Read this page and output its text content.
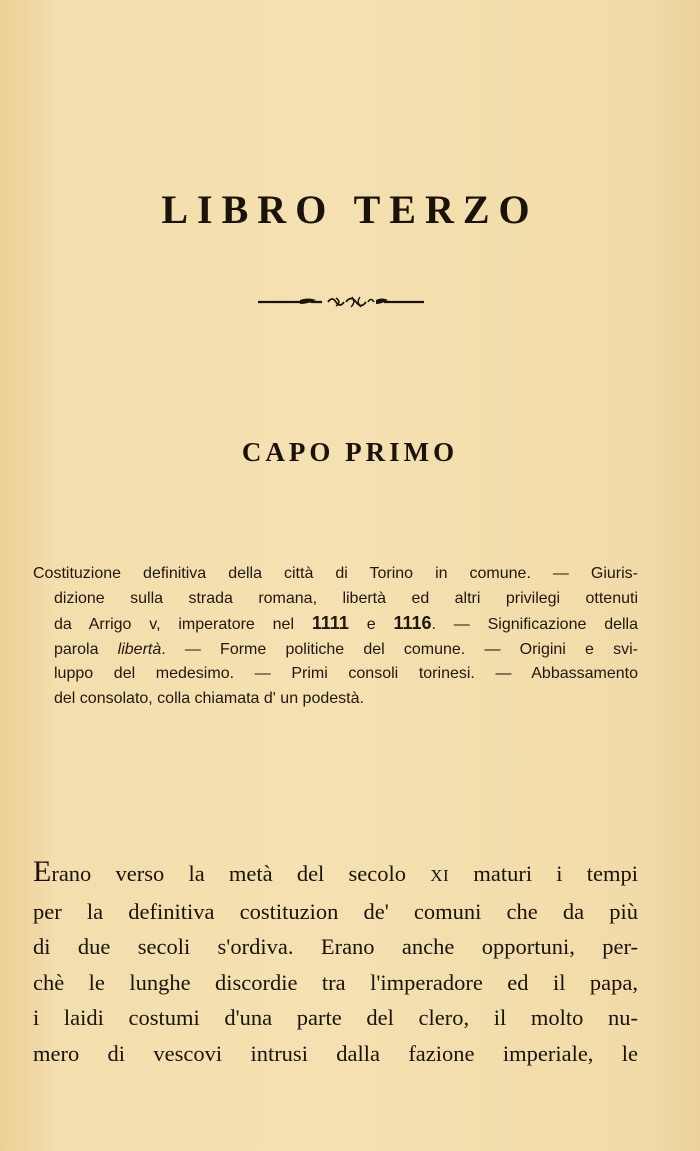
LIBRO TERZO
CAPO PRIMO
Costituzione definitiva della città di Torino in comune. — Giuris-
dizione sulla strada romana, libertà ed altri privilegi ottenuti
da Arrigo v, imperatore nel 1111 e 1116. — Significazione della
parola libertà. — Forme politiche del comune. — Origini e svi-
luppo del medesimo. — Primi consoli torinesi. — Abbassamento
del consolato, colla chiamata d' un podestà.
Erano verso la metà del secolo XI maturi i tempi
per la definitiva costituzion de' comuni che da più
di due secoli s'ordiva. Erano anche opportuni, per-
chè le lunghe discordie tra l'imperadore ed il papa,
i laidi costumi d'una parte del clero, il molto nu-
mero di vescovi intrusi dalla fazione imperiale, le
